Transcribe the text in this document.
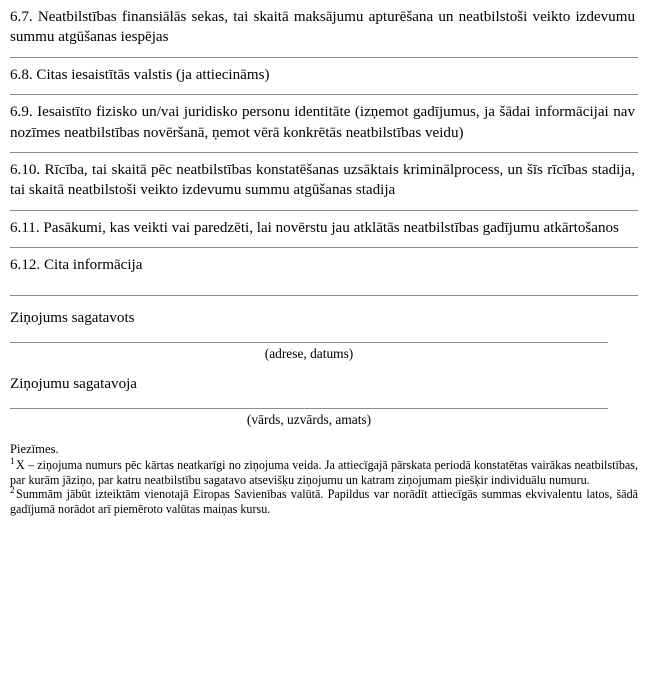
6.7. Neatbilstības finansiālās sekas, tai skaitā maksājumu apturēšana un neatbilstoši veikto izdevumu summu atgūšanas iespējas
6.8. Citas iesaistītās valstis (ja attiecināms)
6.9. Iesaistīto fizisko un/vai juridisko personu identitāte (izņemot gadījumus, ja šādai informācijai nav nozīmes neatbilstības novēršanā, ņemot vērā konkrētās neatbilstības veidu)
6.10. Rīcība, tai skaitā pēc neatbilstības konstatēšanas uzsāktais kriminālprocess, un šīs rīcības stadija, tai skaitā neatbilstoši veikto izdevumu summu atgūšanas stadija
6.11. Pasākumi, kas veikti vai paredzēti, lai novērstu jau atklātās neatbilstības gadījumu atkārtošanos
6.12. Cita informācija
Ziņojums sagatavots
(adrese, datums)
Ziņojumu sagatavoja
(vārds, uzvārds, amats)
Piezīmes.
$^1$ X – ziņojuma numurs pēc kārtas neatkarīgi no ziņojuma veida. Ja attiecīgajā pārskata periodā konstatētas vairākas neatbilstības, par kurām jāziņo, par katru neatbilstību sagatavo atsevišķu ziņojumu un katram ziņojumam piešķir individuālu numuru.
$^2$ Summām jābūt izteiktām vienotajā Eiropas Savienības valūtā. Papildus var norādīt attiecīgās summas ekvivalentu latos, šādā gadījumā norādot arī piemēroto valūtas maiņas kursu.
